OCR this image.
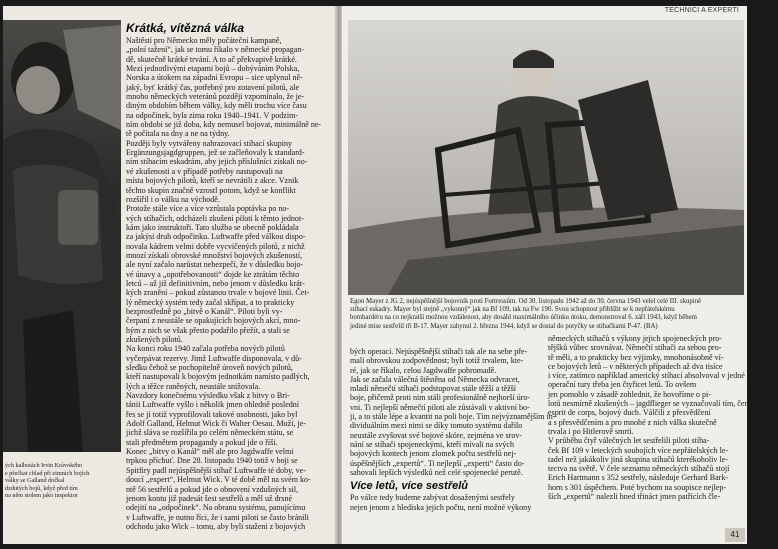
ých kalhotách Irvin Krávokého
e přečkat chlad při zimních bojích
války se Galland dočkal
dzdutých bojů, když před tím
na něm stolem jako inspektor
Krátká, vítězná válka
Naštěstí pro Německo měly počáteční kampaně,
„polní tažení“, jak se tomu říkalo v německé propagan-
dě, skutečně krátké trvání. A to ač překvapivě krátké.
Mezi jednotlivými etapami bojů – dobýváním Polska,
Norska a útokem na západní Evropu – sice uplynul ně-
jaký, byť krátký čas, potřebný pro zotavení pilotů, ale
mnoho německých veteránů později vzpomínalo, že je-
diným obdobím během války, kdy měli trochu více času
na odpočinek, byla zima roku 1940–1941. V podzim-
ním období se již doba, kdy nemusel bojovat, minimálně ne-
tě počítala na dny a ne na týdny.
Později byly vytvářeny nahrazovací stíhací skupiny
Ergänzungsjagdgruppen, jež se začleňovaly k standard-
ním stíhacím eskadrám, aby jejich příslušníci získali no-
vé zkušenosti a v případě potřeby nastupovali na
místa bojových pilotů, kteří se nevrátili z akce. Vznik
těchto skupin značně vzrostl potom, když se konflikt
rozšířil i o válku na východě.
Protože stále více a více vzrůstala poptávka po no-
vých stíhačích, odcházeli zkušení piloti k těmto jednot-
kám jako instruktoři. Tato služba se obecně pokládala
za jakýsi druh odpočinku. Luftwaffe před válkou dispo-
novala kádrem velmi dobře vycvičených pilotů, z nichž
mnozí získali obrovské množství bojových zkušeností,
ale nyní začalo narůstat nebezpečí, že v důsledku bojo-
vé únavy a „opotřebovanosti“ dojde ke ztrátám těchto
letců – až již definitivním, nebo jenom v důsledku krát-
kých zranění – pokud zůstanou trvale v bojové linii. Čet-
lý německý systém tedy začal skřípat, a to prakticky
bezprostředně po „bitvě o Kanál“. Piloti byli vy-
čerpaní z neustále se opakujících bojových akcí, mno-
hým z nich se však přesto podařilo přežít, a stali se
zkušených pilotů.
Na konci roku 1940 začala potřeba nových pilotů
vyčerpávat rezervy. Jimž Luftwaffe disponovala, v dů-
sledku čehož se pochopitelně úroveň nových pilotů,
kteří nastupovali k bojovým jednotkám namísto padlých,
lých a těžce raněných, neustále snižovala.
Navzdory konečnému výsledku však z bitvy o Bri-
tánii Luftwaffe vyšlo i několik jmen ohledně poslední
řes se jí totiž vyprofilovali takové osobnosti, jako byl
Adolf Galland, Helmut Wick či Walter Oesau. Muži, je-
jichž sláva se rozšířila po celém německém státu, se
stali předmětem propagandy a pokud jde o říši.
Konec „bitvy o Kanál“ měl ale pro Jagdwaffe velmi
trpkou příchuť. Dne 28. listopadu 1940 totiž v boji se
Spitfiry padl nejúspěšnější stíhač Luftwaffe té doby, ve-
doucí „expert“, Helmut Wick. V té době měl na svém ko-
ntě 56 sestřelů a pokud jde o obnovení vzdušných sil,
jenom kontu již padesát šest sestřelů a měl už drsné
odejití na „odpočinek“. Na obranu systému, panujícímu
v Luftwaffe, je nutno říci, že i sami piloti se často bránili
odchodu jako Wick – tomu, aby byli staženi z bojových
TECHNICI A EXPERTI
Egon Mayer z JG 2, nejúspěšnější bojovník proti Fortressům. Od 30. listopadu 1942 až do 30. června 1943 velel celé III. skupině
stíhací eskadry. Mayer byl stejně „vykonný“ jak na Bf 109, tak na Fw 190. Svou schopnost přiblížit se k nepřátelskému
bombardéru na co nejkratší možnou vzdálenost, aby dosáhl maximálního účinku útoku, demonstroval 6. září 1943, když během
jediné mise sestřelil tři B-17. Mayer zahynul 2. března 1944, když se dostal do potyčky se stíhačkami P-47. (BA)
bých operací. Nejúspěšnější stíhači tak ale na sebe pře-
mali obrovskou zodpovědnost; byli totiž trvalem, kte-
ré, jak se říkalo, celou Jagdwaffe pohromadě.
Jak se začala válečná štěstěna od Německa odvracet,
mladí němečtí stíhači podstupovat stále těžší a těžší
boje, přičemž proti nim stáli profesionálně nejhorší úro-
vni. Ti nejlepší němečtí piloti ale zůstávali v aktivní bo-
ji, a to stále lépe a kvantit na poli boje. Tím nejvýznamějším in-
dividuálním mezi nimi se díky tomuto systému dařilo
neustále zvyšovat své bojové skóre, zejména ve srov-
nání se stíhači spojeneckými, kteří mívali na svých
bojových kontech jenom zlomek počtu sestřelů nej-
úspěšnějších „expertů“. Ti nejlepší „experti“ často do-
sahovali lepších výsledků než celé spojenecké perutě.
Více letů, více sestřelů
Po válce tedy budeme zabývat dosaženými sestřely
nejen jenom z hlediska jejich počtu, není možné výkony
německých stíhačů s výkony jejich spojeneckých pro-
tějšků vůbec srovnávat. Němečtí stíhači za sebou pro-
tě měli, a to prakticky bez výjimky, mnohonásobně ví-
ce bojových letů – v některých případech až dva tisíce
i více, zatímco například americký stíhací absolvoval v jedné
operační tury třeba jen čtyřicet letů. To ovšem
jen pomohlo v zásadě zohlednit, že hovoříme o pi-
lotů nesmírně zkušených – jagdflieger se vyznačovalí tím, čemu se říká
esprit de corps, bojový duch. Válčili z přesvědčení
a s přesvědčením a pro mnohé z nich válka skutečně
trvala i po Hitlerově smrti.
V průběhu čtyř válečných let sestřelili piloti stíha-
ček Bf 109 v leteckých soubojích více nepřátelských le-
tadel než jakákoliv jiná skupina stíhačů kterékoholiv le-
tectva na světě. V čele seznamu německých stíhačů stojí
Erich Hartmann s 352 sestřely, následuje Gerhard Bark-
horn s 301 úspěchem. Poté bychom na soupisce nejlep-
ších „expertů“ nalezli hned třináct jmen patřících čle-
41
